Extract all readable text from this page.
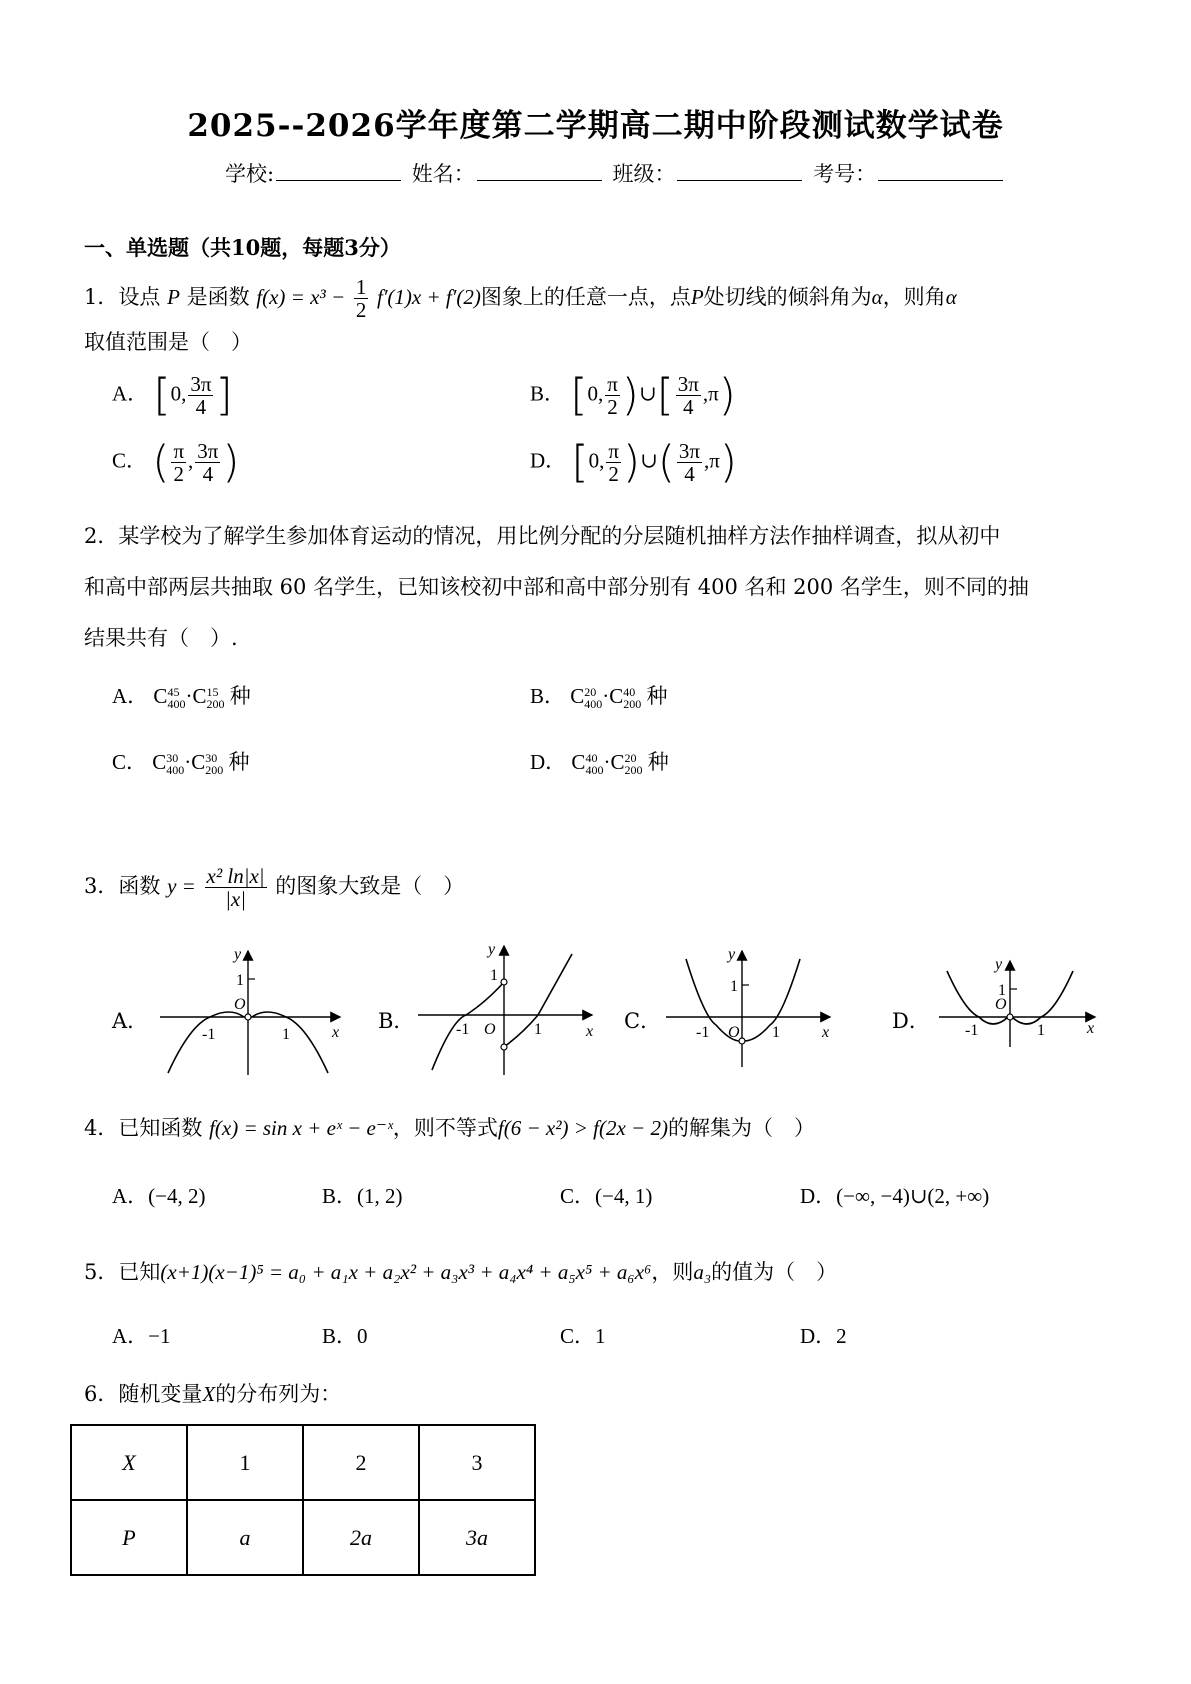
2025--2026学年度第二学期高二期中阶段测试数学试卷
学校:	姓名：	班级：	考号：
一、单选题（共10题，每题3分）
1．设点 P 是函数 $f(x) = x^3 - \frac{1}{2} f'(1)x + f'(2)$图象上的任意一点，点P处切线的倾斜角为α，则角α
取值范围是（　）
A． [0, $\frac{3\pi}{4}$ ]	B． [0, $\frac{\pi}{2}$ )∪[ $\frac{3\pi}{4} ,\pi$)
C． ( $\frac{\pi}{2}$ , $\frac{3\pi}{4}$ )	D． [0, $\frac{\pi}{2}$ )∪( $\frac{3\pi}{4} ,\pi$)
2．某学校为了解学生参加体育运动的情况，用比例分配的分层随机抽样方法作抽样调查，拟从初中
和高中部两层共抽取 60 名学生，已知该校初中部和高中部分别有 400 名和 200 名学生，则不同的抽
结果共有（　）.
A． C 45
400 ·C 15
200 种	B． C 20
400 ·C 40
200 种
C． C 30
400 ·C 30
200 种	D． C 40
400 ·C 20
200 种
3．函数 $y = \frac{\text{x² ln|x|}}{|x|}$ 的图象大致是（　）
A．	B．	C．	D．
y
x
O
1
-1	1
y
x
O
1
-1	1
y
x
O
1
-1	1
y
x
O
1
-1	1
4．已知函数 f(x) = sin x + eˣ − e⁻ˣ，则不等式f(6 − x²) > f(2x − 2)的解集为（　）
A．(−4, 2)	B．(1, 2)	C．(−4, 1)	D．(−∞, −4)∪(2, +∞)
5．已知(x+1)(x−1)⁵ = a₀ + a₁x + a₂x² + a₃x³ + a₄x⁴ + a₅x⁵ + a₆x⁶，则a₃的值为（　）
A．−1	B．0	C．1	D．2
6．随机变量X的分布列为：
X	1	2	3
P	a	2a	3a
